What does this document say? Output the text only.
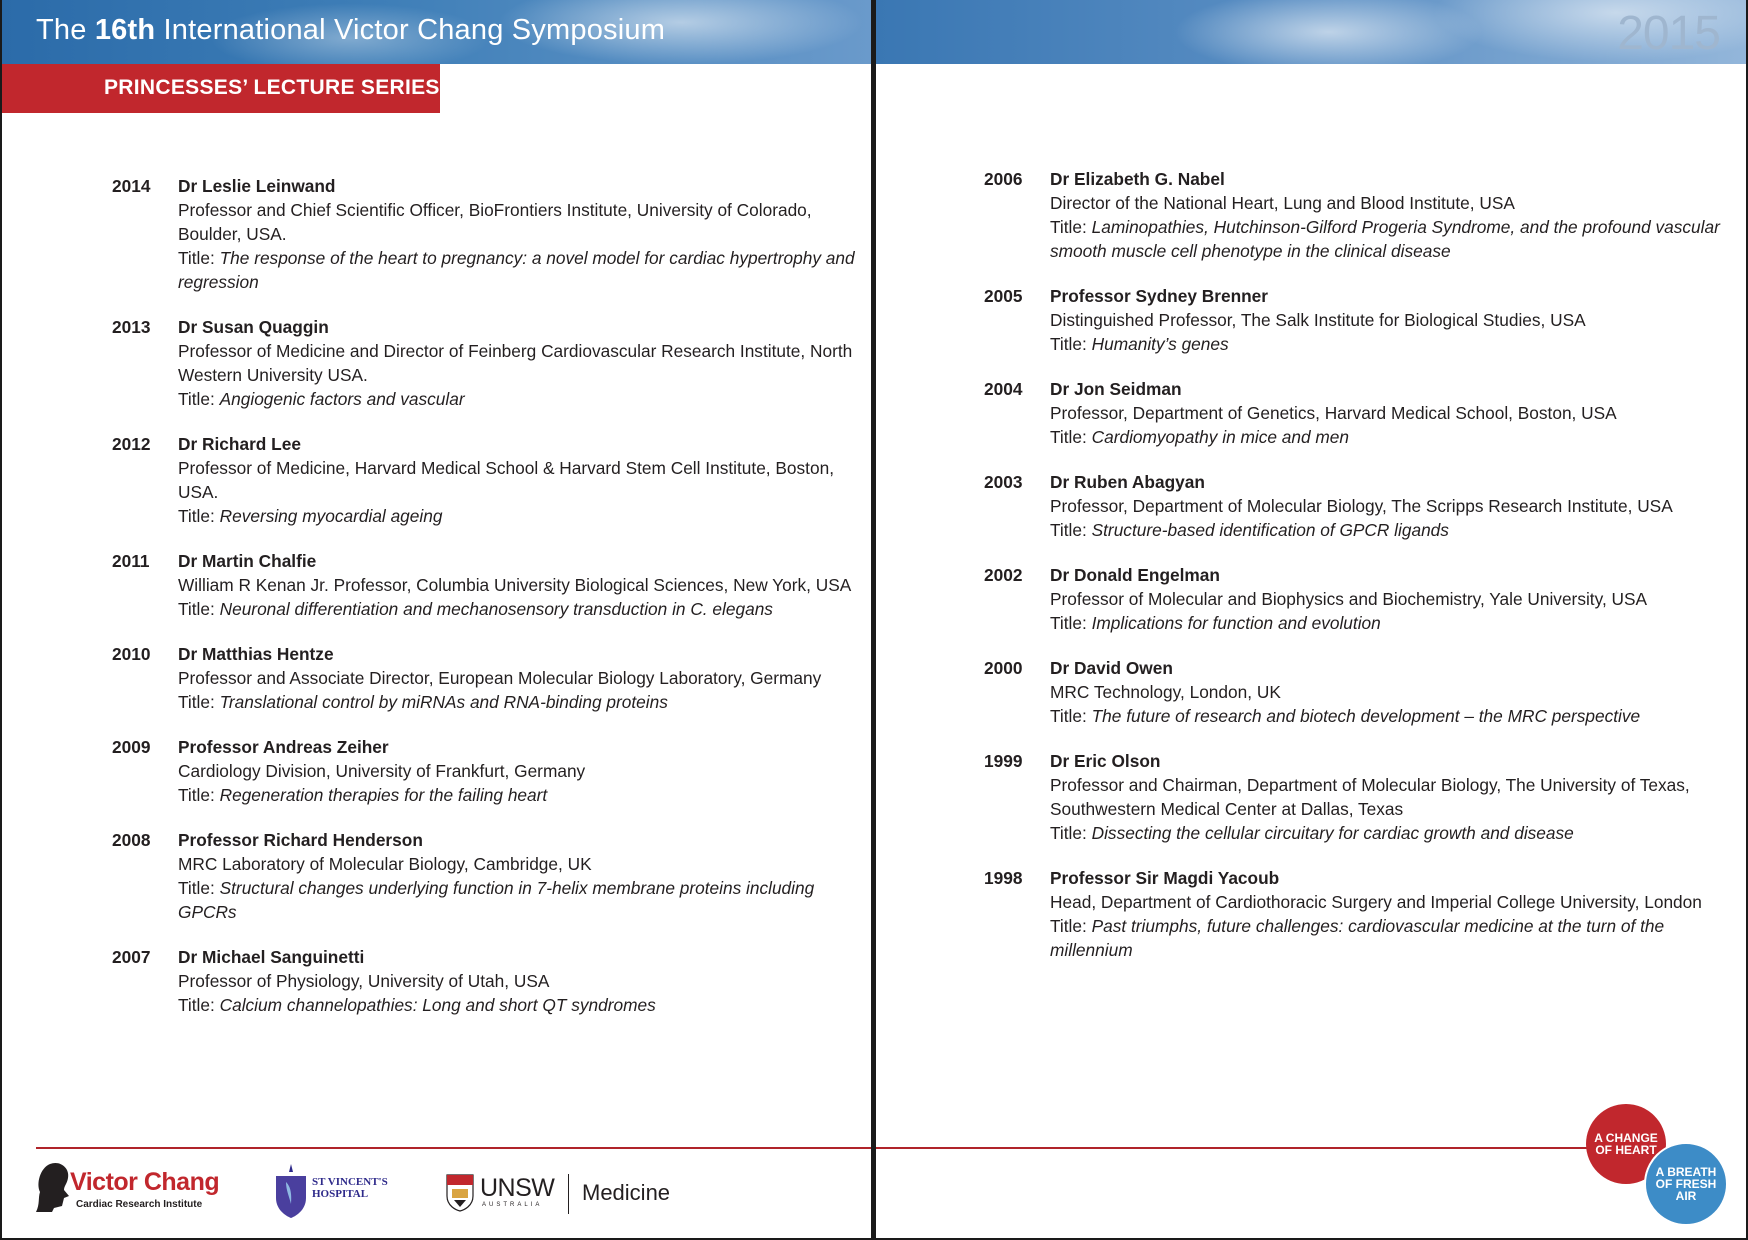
The 16th International Victor Chang Symposium
PRINCESSES’ LECTURE SERIES
2014 Dr Leslie Leinwand
Professor and Chief Scientific Officer, BioFrontiers Institute, University of Colorado, Boulder, USA.
Title: The response of the heart to pregnancy: a novel model for cardiac hypertrophy and regression
2013 Dr Susan Quaggin
Professor of Medicine and Director of Feinberg Cardiovascular Research Institute, North Western University USA.
Title: Angiogenic factors and vascular
2012 Dr Richard Lee
Professor of Medicine, Harvard Medical School & Harvard Stem Cell Institute, Boston, USA.
Title: Reversing myocardial ageing
2011 Dr Martin Chalfie
William R Kenan Jr. Professor, Columbia University Biological Sciences, New York, USA
Title: Neuronal differentiation and mechanosensory transduction in C. elegans
2010 Dr Matthias Hentze
Professor and Associate Director, European Molecular Biology Laboratory, Germany
Title: Translational control by miRNAs and RNA-binding proteins
2009 Professor Andreas Zeiher
Cardiology Division, University of Frankfurt, Germany
Title: Regeneration therapies for the failing heart
2008 Professor Richard Henderson
MRC Laboratory of Molecular Biology, Cambridge, UK
Title: Structural changes underlying function in 7-helix membrane proteins including GPCRs
2007 Dr Michael Sanguinetti
Professor of Physiology, University of Utah, USA
Title: Calcium channelopathies: Long and short QT syndromes
Victor Chang
Cardiac Research Institute
ST VINCENT'S
HOSPITAL	UNSW
AUSTRALIA Medicine
2015
2006 Dr Elizabeth G. Nabel
Director of the National Heart, Lung and Blood Institute, USA
Title: Laminopathies, Hutchinson-Gilford Progeria Syndrome, and the profound vascular smooth muscle cell phenotype in the clinical disease
2005 Professor Sydney Brenner
Distinguished Professor, The Salk Institute for Biological Studies, USA
Title: Humanity’s genes
2004 Dr Jon Seidman
Professor, Department of Genetics, Harvard Medical School, Boston, USA
Title: Cardiomyopathy in mice and men
2003 Dr Ruben Abagyan
Professor, Department of Molecular Biology, The Scripps Research Institute, USA
Title: Structure-based identification of GPCR ligands
2002 Dr Donald Engelman
Professor of Molecular and Biophysics and Biochemistry, Yale University, USA
Title: Implications for function and evolution
2000 Dr David Owen
MRC Technology, London, UK
Title: The future of research and biotech development – the MRC perspective
1999 Dr Eric Olson
Professor and Chairman, Department of Molecular Biology, The University of Texas, Southwestern Medical Center at Dallas, Texas
Title: Dissecting the cellular circuitary for cardiac growth and disease
1998 Professor Sir Magdi Yacoub
Head, Department of Cardiothoracic Surgery and Imperial College University, London
Title: Past triumphs, future challenges: cardiovascular medicine at the turn of the millennium
A CHANGE OF HEART
A BREATH OF FRESH AIR
